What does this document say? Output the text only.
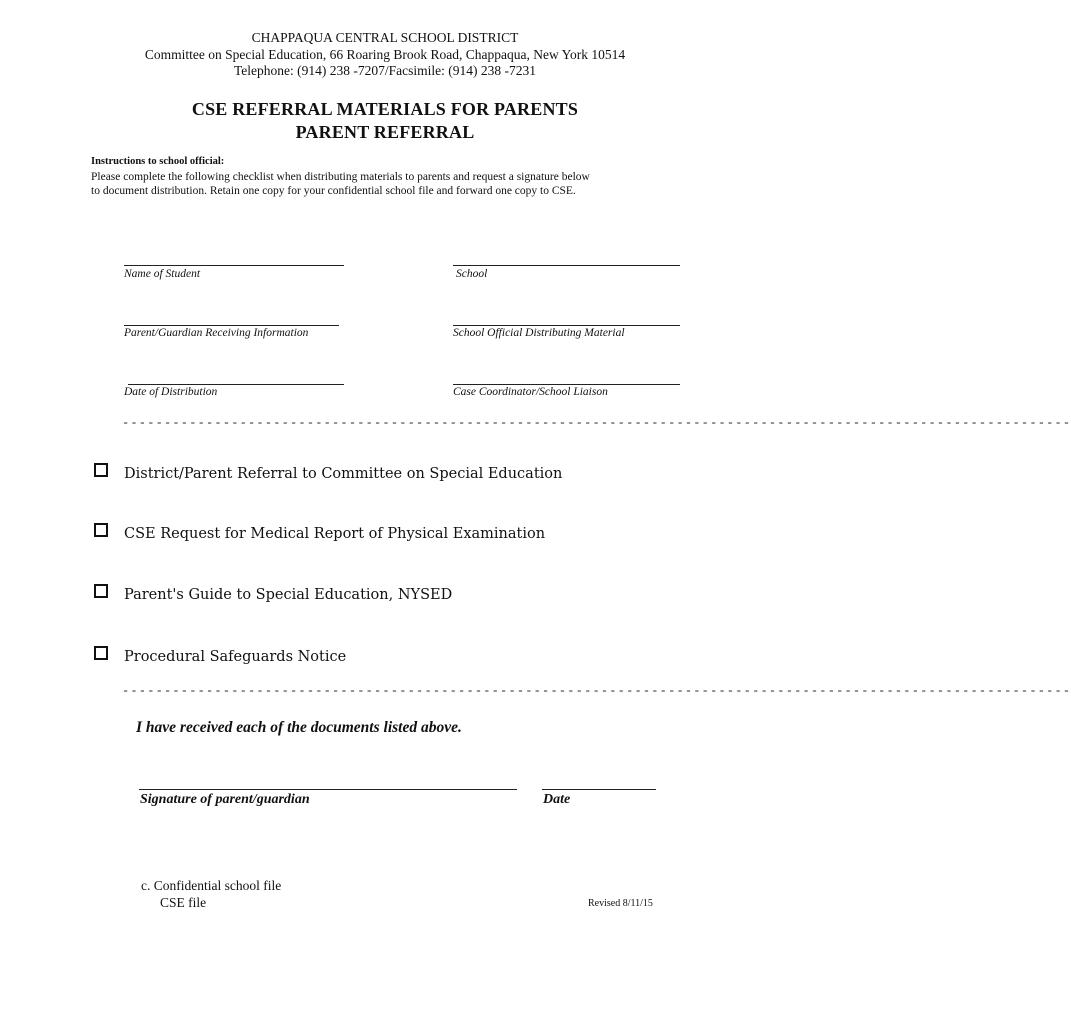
CHAPPAQUA CENTRAL SCHOOL DISTRICT
Committee on Special Education, 66 Roaring Brook Road, Chappaqua, New York 10514
Telephone: (914) 238 -7207/Facsimile: (914) 238 -7231
CSE REFERRAL MATERIALS FOR PARENTS
PARENT REFERRAL
Instructions to school official:
Please complete the following checklist when distributing materials to parents and request a signature below
to document distribution. Retain one copy for your confidential school file and forward one copy to CSE.
Name of Student	School
Parent/Guardian Receiving Information	School Official Distributing Material
Date of Distribution	Case Coordinator/School Liaison
-----------------------------------------------------------------------------------------------------------------
District/Parent Referral to Committee on Special Education
CSE Request for Medical Report of Physical Examination
Parent's Guide to Special Education, NYSED
Procedural Safeguards Notice
-----------------------------------------------------------------------------------------------------------------
I have received each of the documents listed above.
Signature of parent/guardian	Date
c. Confidential school file
CSE file	Revised 8/11/15
